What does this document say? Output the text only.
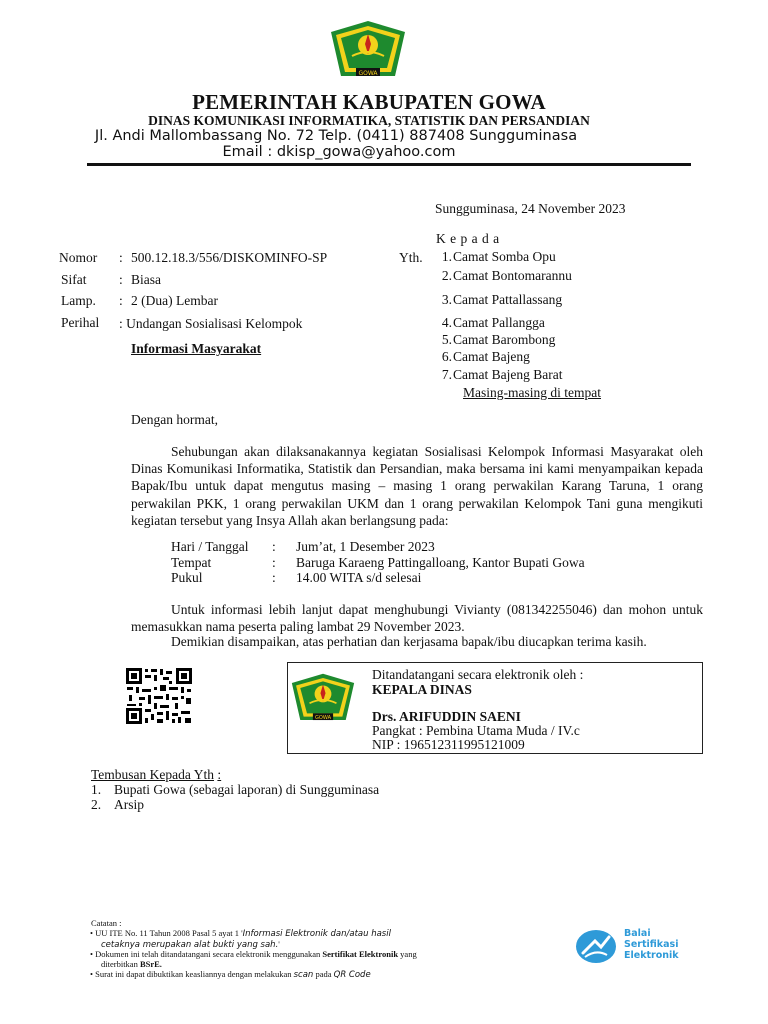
GOWA
PEMERINTAH KABUPATEN GOWA
DINAS KOMUNIKASI INFORMATIKA, STATISTIK DAN PERSANDIAN
Jl. Andi Mallombassang No. 72 Telp. (0411) 887408 Sungguminasa
Email : dkisp_gowa@yahoo.com
Sungguminasa, 24 November 2023
Nomor	: 500.12.18.3/556/DISKOMINFO-SP
Sifat : Biasa
Lamp. : 2 (Dua) Lembar
Perihal : Undangan Sosialisasi Kelompok
Informasi Masyarakat
K e p a d a
Yth.	1. Camat Somba Opu
2. Camat Bontomarannu
3. Camat Pattallassang
4. Camat Pallangga
5. Camat Barombong
6. Camat Bajeng
7. Camat Bajeng Barat
Masing-masing di tempat
Dengan hormat,
Sehubungan akan dilaksanakannya kegiatan Sosialisasi Kelompok Informasi Masyarakat oleh Dinas Komunikasi Informatika, Statistik dan Persandian, maka bersama ini kami menyampaikan kepada Bapak/Ibu untuk dapat mengutus masing – masing 1 orang perwakilan Karang Taruna, 1 orang perwakilan PKK, 1 orang perwakilan UKM dan 1 orang perwakilan Kelompok Tani guna mengikuti kegiatan tersebut yang Insya Allah akan berlangsung pada:
Hari / Tanggal : Jum’at, 1 Desember 2023
Tempat	: Baruga Karaeng Pattingalloang, Kantor Bupati Gowa
Pukul	: 14.00 WITA s/d selesai
Untuk informasi lebih lanjut dapat menghubungi Vivianty (081342255046) dan mohon untuk memasukkan nama peserta paling lambat 29 November 2023.
Demikian disampaikan, atas perhatian dan kerjasama bapak/ibu diucapkan terima kasih.
GOWA
Ditandatangani secara elektronik oleh :
KEPALA DINAS
Drs. ARIFUDDIN SAENI
Pangkat : Pembina Utama Muda / IV.c
NIP : 196512311995121009
Tembusan Kepada Yth :
1. Bupati Gowa (sebagai laporan) di Sungguminasa
2. Arsip
Catatan :
• UU ITE No. 11 Tahun 2008 Pasal 5 ayat 1 'Informasi Elektronik dan/atau hasil
cetaknya merupakan alat bukti yang sah.'
• Dokumen ini telah ditandatangani secara elektronik menggunakan Sertifikat Elektronik yang
diterbitkan BSrE.
• Surat ini dapat dibuktikan keasliannya dengan melakukan scan pada QR Code
Balai
Sertifikasi
Elektronik
